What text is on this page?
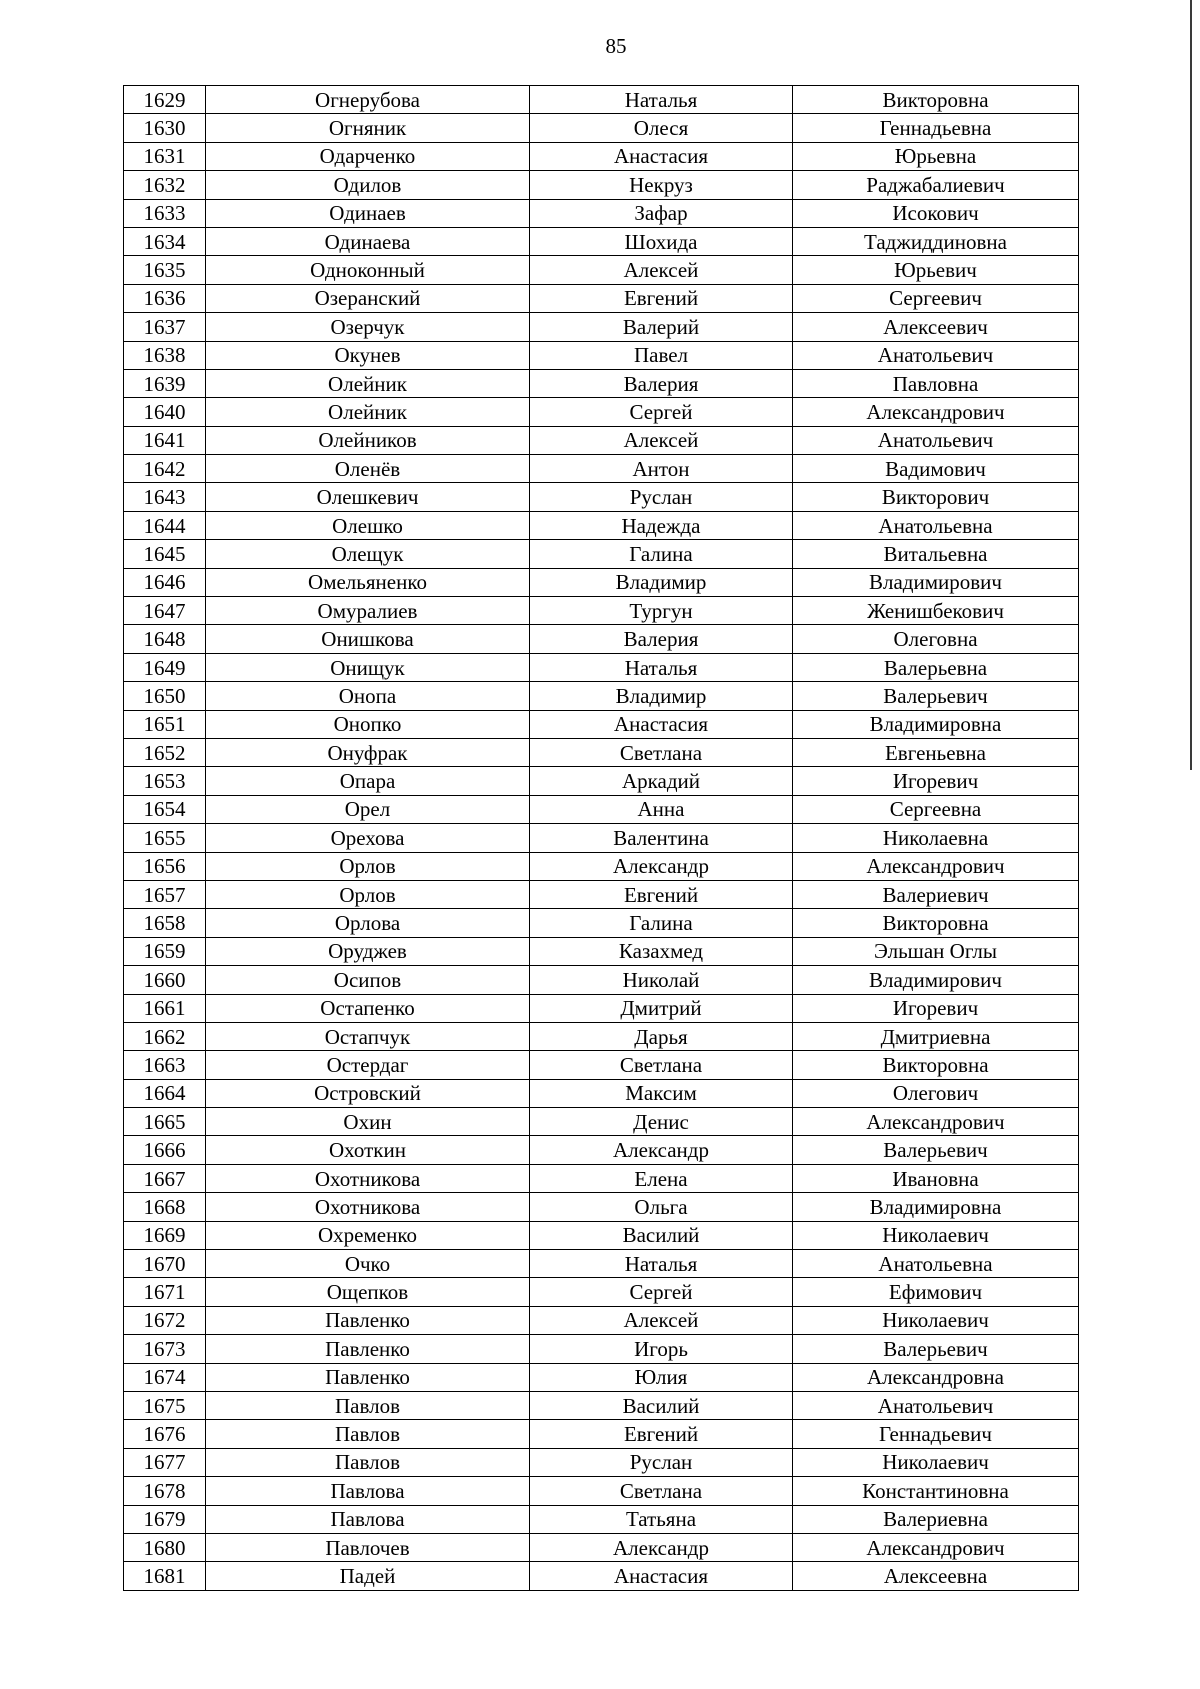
85
1629	Огнерубова	Наталья	Викторовна
1630	Огняник	Олеся	Геннадьевна
1631	Одарченко	Анастасия	Юрьевна
1632	Одилов	Некруз	Раджабалиевич
1633	Одинаев	Зафар	Исокович
1634	Одинаева	Шохида	Таджиддиновна
1635	Одноконный	Алексей	Юрьевич
1636	Озеранский	Евгений	Сергеевич
1637	Озерчук	Валерий	Алексеевич
1638	Окунев	Павел	Анатольевич
1639	Олейник	Валерия	Павловна
1640	Олейник	Сергей	Александрович
1641	Олейников	Алексей	Анатольевич
1642	Оленёв	Антон	Вадимович
1643	Олешкевич	Руслан	Викторович
1644	Олешко	Надежда	Анатольевна
1645	Олещук	Галина	Витальевна
1646	Омельяненко	Владимир	Владимирович
1647	Омуралиев	Тургун	Женишбекович
1648	Онишкова	Валерия	Олеговна
1649	Онищук	Наталья	Валерьевна
1650	Онопа	Владимир	Валерьевич
1651	Онопко	Анастасия	Владимировна
1652	Онуфрак	Светлана	Евгеньевна
1653	Опара	Аркадий	Игоревич
1654	Орел	Анна	Сергеевна
1655	Орехова	Валентина	Николаевна
1656	Орлов	Александр	Александрович
1657	Орлов	Евгений	Валериевич
1658	Орлова	Галина	Викторовна
1659	Оруджев	Казахмед	Эльшан Оглы
1660	Осипов	Николай	Владимирович
1661	Остапенко	Дмитрий	Игоревич
1662	Остапчук	Дарья	Дмитриевна
1663	Остердаг	Светлана	Викторовна
1664	Островский	Максим	Олегович
1665	Охин	Денис	Александрович
1666	Охоткин	Александр	Валерьевич
1667	Охотникова	Елена	Ивановна
1668	Охотникова	Ольга	Владимировна
1669	Охременко	Василий	Николаевич
1670	Очко	Наталья	Анатольевна
1671	Ощепков	Сергей	Ефимович
1672	Павленко	Алексей	Николаевич
1673	Павленко	Игорь	Валерьевич
1674	Павленко	Юлия	Александровна
1675	Павлов	Василий	Анатольевич
1676	Павлов	Евгений	Геннадьевич
1677	Павлов	Руслан	Николаевич
1678	Павлова	Светлана	Константиновна
1679	Павлова	Татьяна	Валериевна
1680	Павлочев	Александр	Александрович
1681	Падей	Анастасия	Алексеевна
